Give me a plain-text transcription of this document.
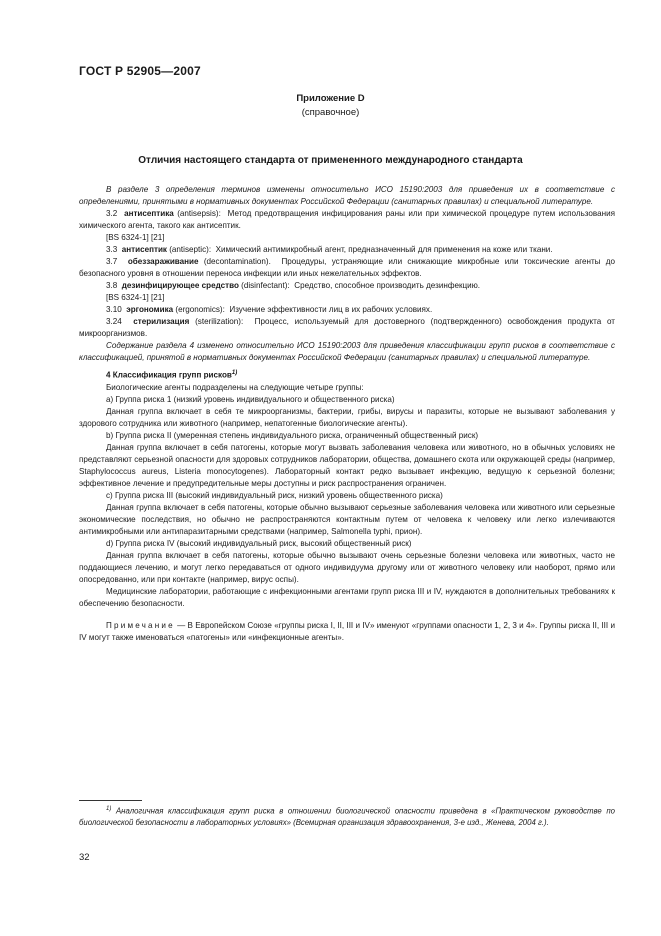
ГОСТ Р 52905—2007
Приложение D
(справочное)
Отличия настоящего стандарта от примененного международного стандарта

В разделе 3 определения терминов изменены относительно ИСО 15190:2003 для приведения их в соответствие с определениями, принятыми в нормативных документах Российской Федерации (санитарных правилах) и специальной литературе.

3.2 антисептика (antisepsis): Метод предотвращения инфицирования раны или при химической процедуре путем использования химического агента, такого как антисептик.

[BS 6324-1] [21]

3.3 антисептик (antiseptic): Химический антимикробный агент, предназначенный для применения на коже или ткани.

3.7 обеззараживание (decontamination). Процедуры, устраняющие или снижающие микробные или токсические агенты до безопасного уровня в отношении переноса инфекции или иных нежелательных эффектов.

3.8 дезинфицирующее средство (disinfectant): Средство, способное производить дезинфекцию.

[BS 6324-1] [21]

3.10 эргономика (ergonomics): Изучение эффективности лиц в их рабочих условиях.

3.24 стерилизация (sterilization): Процесс, используемый для достоверного (подтвержденного) освобождения продукта от микроорганизмов.

Содержание раздела 4 изменено относительно ИСО 15190:2003 для приведения классификации групп рисков в соответствие с классификацией, принятой в нормативных документах Российской Федерации (санитарных правилах) и специальной литературе.

4 Классификация групп рисков$^{1)}$

Биологические агенты подразделены на следующие четыре группы:

a) Группа риска 1 (низкий уровень индивидуального и общественного риска)

Данная группа включает в себя те микроорганизмы, бактерии, грибы, вирусы и паразиты, которые не вызывают заболевания у здорового сотрудника или животного (например, непатогенные биологические агенты).

b) Группа риска II (умеренная степень индивидуального риска, ограниченный общественный риск)

Данная группа включает в себя патогены, которые могут вызвать заболевания человека или животного, но в обычных условиях не представляют серьезной опасности для здоровых сотрудников лаборатории, общества, домашнего скота или окружающей среды (например, Staphylococcus aureus, Listeria monocytogenes). Лабораторный контакт редко вызывает инфекцию, ведущую к серьезной болезни; эффективное лечение и предупредительные меры доступны и риск распространения ограничен.

c) Группа риска III (высокий индивидуальный риск, низкий уровень общественного риска)

Данная группа включает в себя патогены, которые обычно вызывают серьезные заболевания человека или животного или серьезные экономические последствия, но обычно не распространяются контактным путем от человека к человеку или легко излечиваются антимикробными или антипаразитарными средствами (например, Salmonella typhi, прион).

d) Группа риска IV (высокий индивидуальный риск, высокий общественный риск)

Данная группа включает в себя патогены, которые обычно вызывают очень серьезные болезни человека или животных, часто не поддающиеся лечению, и могут легко передаваться от одного индивидуума другому или от животного человеку или наоборот, прямо или опосредованно, или при контакте (например, вирус оспы).

Медицинские лаборатории, работающие с инфекционными агентами групп риска III и IV, нуждаются в дополнительных требованиях к обеспечению безопасности.

Примечание — В Европейском Союзе «группы риска I, II, III и IV» именуют «группами опасности 1, 2, 3 и 4». Группы риска II, III и IV могут также именоваться «патогены» или «инфекционные агенты».

$^{1)}$ Аналогичная классификация групп риска в отношении биологической опасности приведена в «Практическом руководстве по биологической безопасности в лабораторных условиях» (Всемирная организация здравоохранения, 3-е изд., Женева, 2004 г.).
32
